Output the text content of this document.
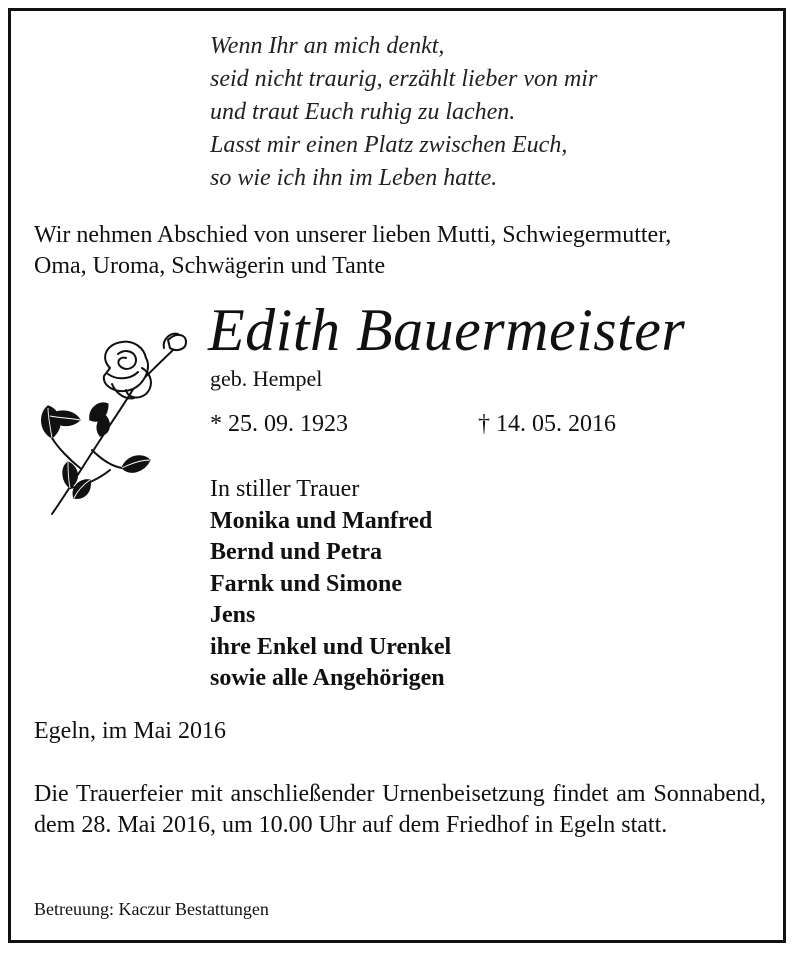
Wenn Ihr an mich denkt,
seid nicht traurig, erzählt lieber von mir
und traut Euch ruhig zu lachen.
Lasst mir einen Platz zwischen Euch,
so wie ich ihn im Leben hatte.
Wir nehmen Abschied von unserer lieben Mutti, Schwiegermutter,
Oma, Uroma, Schwägerin und Tante
Edith Bauermeister
geb. Hempel
* 25. 09. 1923	† 14. 05. 2016
In stiller Trauer
Monika und Manfred
Bernd und Petra
Farnk und Simone
Jens
ihre Enkel und Urenkel
sowie alle Angehörigen
Egeln, im Mai 2016
Die Trauerfeier mit anschließender Urnenbeisetzung findet am Sonnabend, dem 28. Mai 2016, um 10.00 Uhr auf dem Friedhof in Egeln statt.
Betreuung: Kaczur Bestattungen
